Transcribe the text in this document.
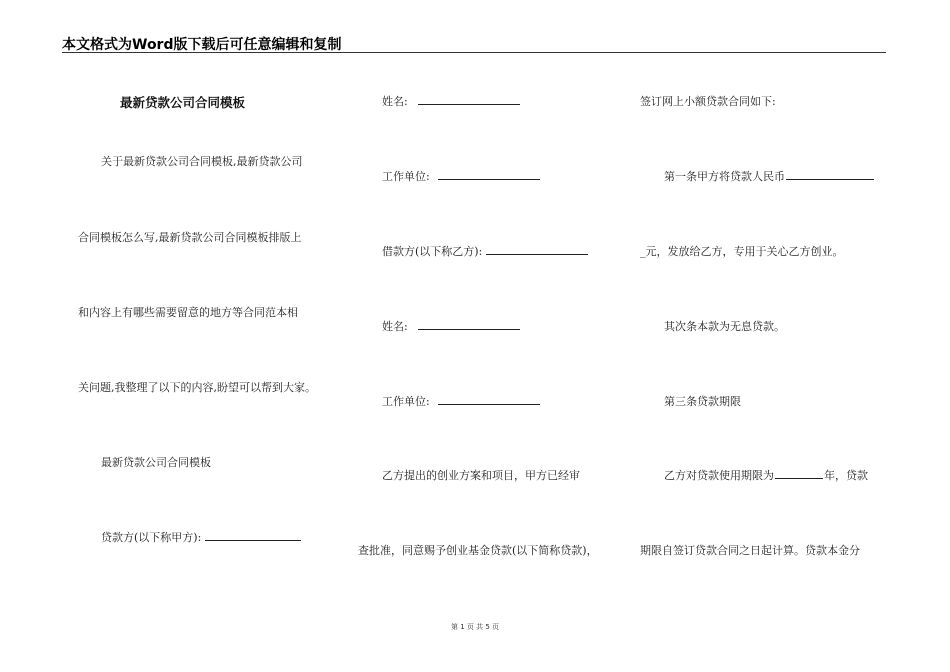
本文格式为Word版下载后可任意编辑和复制
最新贷款公司合同模板
关于最新贷款公司合同模板,最新贷款公司
合同模板怎么写,最新贷款公司合同模板排版上
和内容上有哪些需要留意的地方等合同范本相
关问题,我整理了以下的内容,盼望可以帮到大家。
最新贷款公司合同模板
贷款方(以下称甲方):
姓名:
工作单位:
借款方(以下称乙方):
姓名:
工作单位:
乙方提出的创业方案和项目，甲方已经审
查批准，同意赐予创业基金贷款(以下简称贷款)，
签订网上小额贷款合同如下:
第一条甲方将贷款人民币
_元，发放给乙方，专用于关心乙方创业。
其次条本款为无息贷款。
第三条贷款期限
乙方对贷款使用期限为	年，贷款
期限自签订贷款合同之日起计算。贷款本金分
第 1 页 共 5 页
